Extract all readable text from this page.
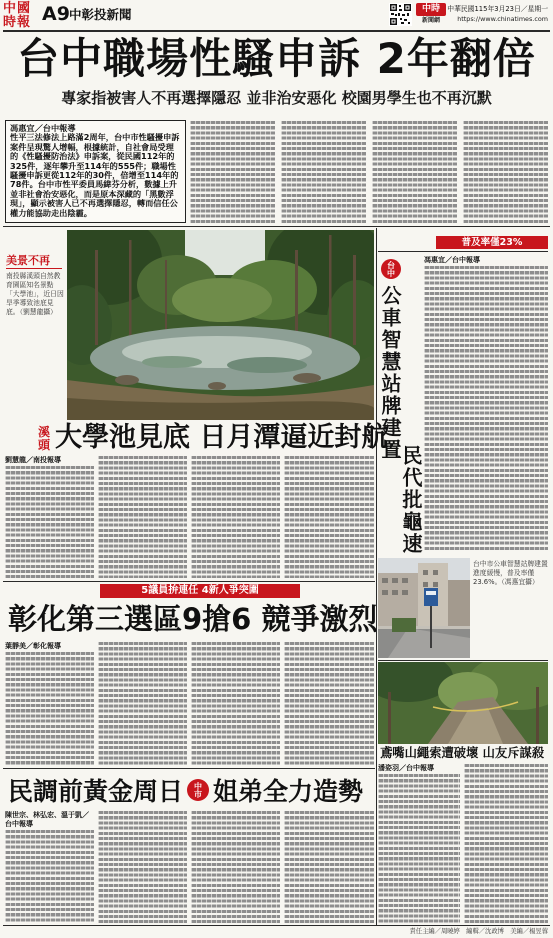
中國
時報 A9 中彰投新聞	中時
新聞網
中華民國115年3月23日／星期一
https://www.chinatimes.com
台中職場性騷申訴 2年翻倍
專家指被害人不再選擇隱忍 並非治安惡化 校園男學生也不再沉默
馮惠宜／台中報導
性平三法修法上路滿2周年，台中市性騷擾申訴案件呈現驚人增幅，根據統計，自社會局受理的《性騷擾防治法》申訴案，從民國112年的325件，逐年攀升至114年的555件；職場性騷擾申訴更從112年的30件，倍增至114年的78件。台中市性平委員馬緯芬分析，數據上升並非社會治安惡化，而是原本深藏的「黑數浮現」，顯示被害人已不再選擇隱忍，轉而信任公權力能協助走出陰霾。
美景不再
南投縣溪頭自然教育園區知名景點「大學池」，近日因旱季導致池底見底。（劉慧龍攝）
溪頭 大學池見底 日月潭逼近封航
劉慧龍／南投報導
5議員拚連任 4新人爭突圍
彰化第三選區9搶6 競爭激烈
葉靜美／彰化報導
民調前黃金周日 中市 姐弟全力造勢
陳世宗、林弘宏、溫于凱／台中報導
普及率僅23%
台中
公車智慧站牌建置
民代批龜速
馮惠宜／台中報導
台中市公車智慧站牌建置進度緩慢，普及率僅23.6%。（馮惠宜攝）
鳶嘴山繩索遭破壞 山友斥謀殺
潘姿羽／台中報導
責任主編／周曉婷　編輯／沈政博　美編／楊昱蓉
